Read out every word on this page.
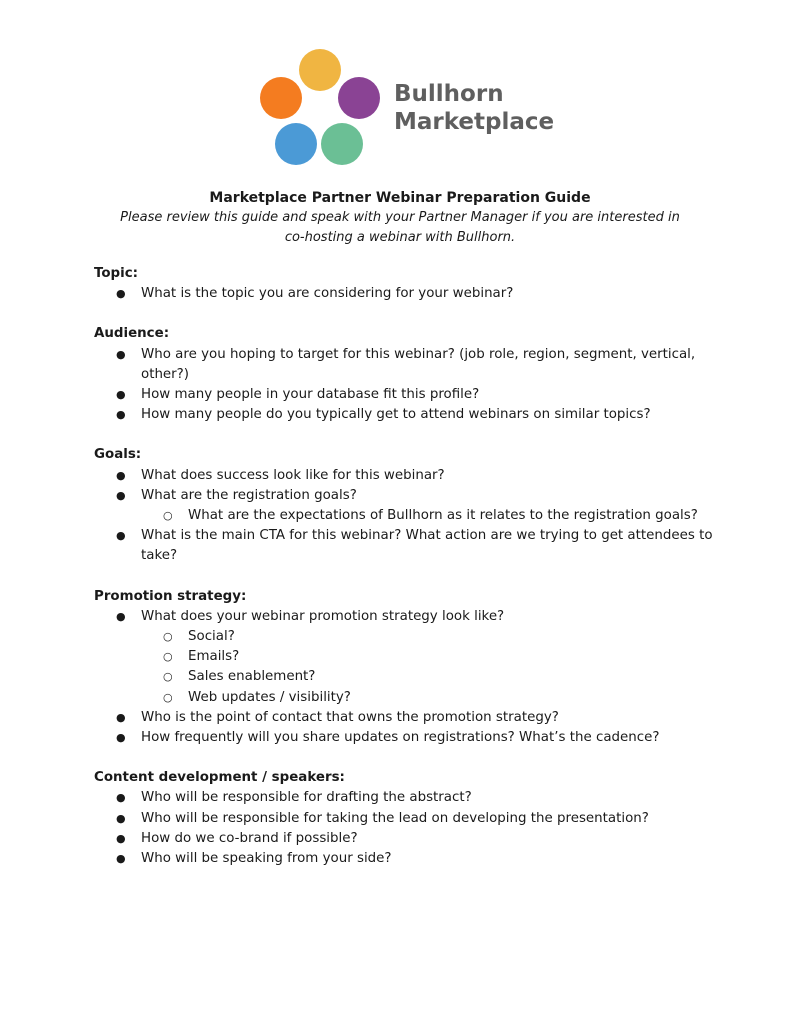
Bullhorn
Marketplace
Marketplace Partner Webinar Preparation Guide
Please review this guide and speak with your Partner Manager if you are interested in co-hosting a webinar with Bullhorn.
Topic:
● What is the topic you are considering for your webinar?
Audience:
● Who are you hoping to target for this webinar? (job role, region, segment, vertical, other?)
● How many people in your database fit this profile?
● How many people do you typically get to attend webinars on similar topics?
Goals:
● What does success look like for this webinar?
● What are the registration goals?
○ What are the expectations of Bullhorn as it relates to the registration goals?
● What is the main CTA for this webinar? What action are we trying to get attendees to take?
Promotion strategy:
● What does your webinar promotion strategy look like?
○ Social?
○ Emails?
○ Sales enablement?
○ Web updates / visibility?
● Who is the point of contact that owns the promotion strategy?
● How frequently will you share updates on registrations? What’s the cadence?
Content development / speakers:
● Who will be responsible for drafting the abstract?
● Who will be responsible for taking the lead on developing the presentation?
● How do we co-brand if possible?
● Who will be speaking from your side?
